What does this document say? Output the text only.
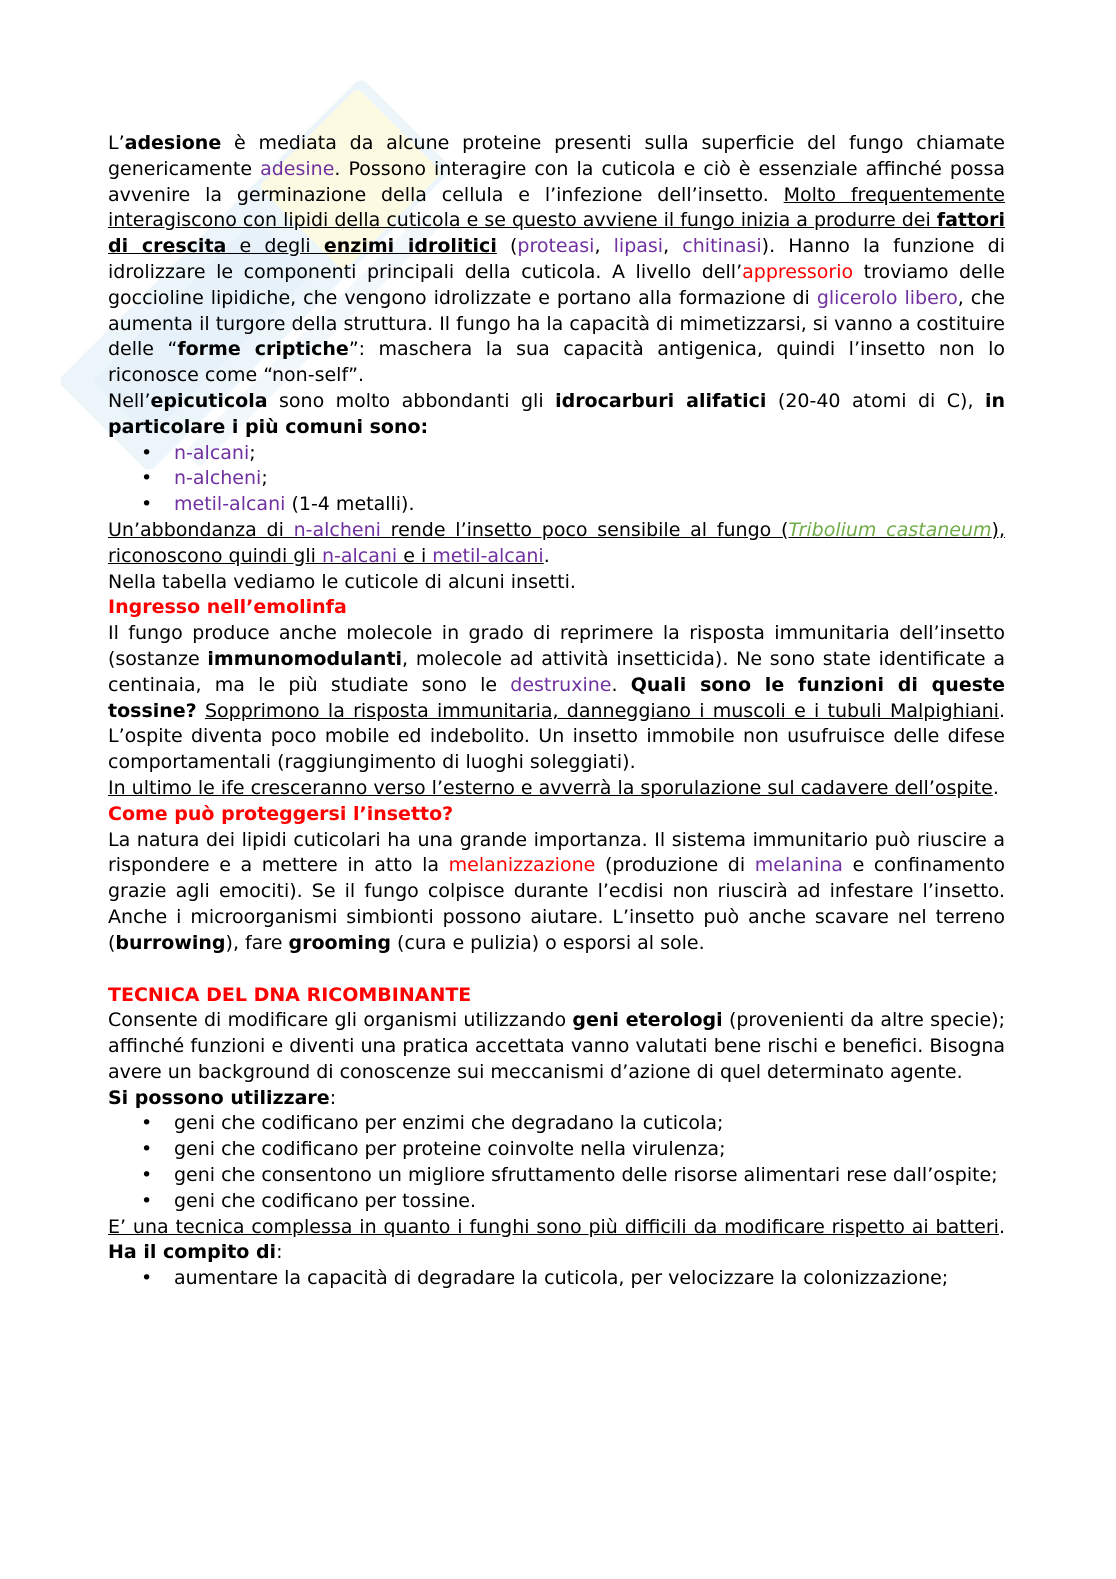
L’adesione è mediata da alcune proteine presenti sulla superficie del fungo chiamate genericamente adesine. Possono interagire con la cuticola e ciò è essenziale affinché possa avvenire la germinazione della cellula e l’infezione dell’insetto. Molto frequentemente interagiscono con lipidi della cuticola e se questo avviene il fungo inizia a produrre dei fattori di crescita e degli enzimi idrolitici (proteasi, lipasi, chitinasi). Hanno la funzione di idrolizzare le componenti principali della cuticola. A livello dell’appressorio troviamo delle goccioline lipidiche, che vengono idrolizzate e portano alla formazione di glicerolo libero, che aumenta il turgore della struttura. Il fungo ha la capacità di mimetizzarsi, si vanno a costituire delle “forme criptiche”: maschera la sua capacità antigenica, quindi l’insetto non lo riconosce come “non-self”.

Nell’epicuticola sono molto abbondanti gli idrocarburi alifatici (20-40 atomi di C), in particolare i più comuni sono:

• n-alcani;
• n-alcheni;
• metil-alcani (1-4 metalli).

Un’abbondanza di n-alcheni rende l’insetto poco sensibile al fungo (Tribolium castaneum), riconoscono quindi gli n-alcani e i metil-alcani.

Nella tabella vediamo le cuticole di alcuni insetti.

Ingresso nell’emolinfa

Il fungo produce anche molecole in grado di reprimere la risposta immunitaria dell’insetto (sostanze immunomodulanti, molecole ad attività insetticida). Ne sono state identificate a centinaia, ma le più studiate sono le destruxine. Quali sono le funzioni di queste tossine? Sopprimono la risposta immunitaria, danneggiano i muscoli e i tubuli Malpighiani. L’ospite diventa poco mobile ed indebolito. Un insetto immobile non usufruisce delle difese comportamentali (raggiungimento di luoghi soleggiati).

In ultimo le ife cresceranno verso l’esterno e avverrà la sporulazione sul cadavere dell’ospite.

Come può proteggersi l’insetto?

La natura dei lipidi cuticolari ha una grande importanza. Il sistema immunitario può riuscire a rispondere e a mettere in atto la melanizzazione (produzione di melanina e confinamento grazie agli emociti). Se il fungo colpisce durante l’ecdisi non riuscirà ad infestare l’insetto. Anche i microorganismi simbionti possono aiutare. L’insetto può anche scavare nel terreno (burrowing), fare grooming (cura e pulizia) o esporsi al sole.

TECNICA DEL DNA RICOMBINANTE

Consente di modificare gli organismi utilizzando geni eterologi (provenienti da altre specie); affinché funzioni e diventi una pratica accettata vanno valutati bene rischi e benefici. Bisogna avere un background di conoscenze sui meccanismi d’azione di quel determinato agente.

Si possono utilizzare:

• geni che codificano per enzimi che degradano la cuticola;
• geni che codificano per proteine coinvolte nella virulenza;
• geni che consentono un migliore sfruttamento delle risorse alimentari rese dall’ospite;
• geni che codificano per tossine.

E’ una tecnica complessa in quanto i funghi sono più difficili da modificare rispetto ai batteri. Ha il compito di:

• aumentare la capacità di degradare la cuticola, per velocizzare la colonizzazione;
